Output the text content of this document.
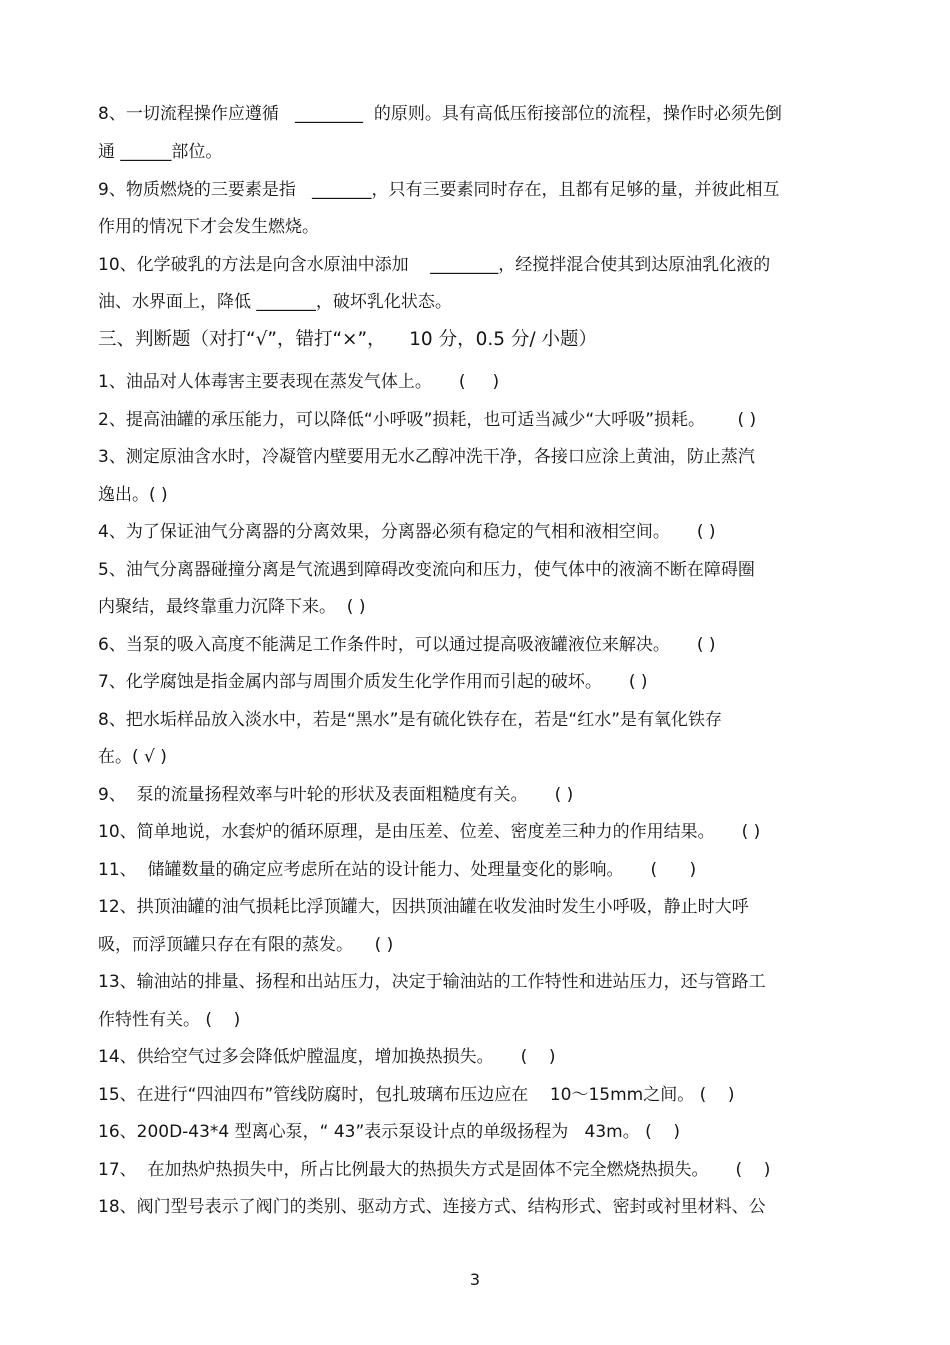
8、一切流程操作应遵循   ________  的原则。具有高低压衔接部位的流程，操作时必须先倒
通 ______部位。
9、物质燃烧的三要素是指   _______，只有三要素同时存在，且都有足够的量，并彼此相互
作用的情况下才会发生燃烧。
10、化学破乳的方法是向含水原油中添加    ________，经搅拌混合使其到达原油乳化液的
油、水界面上，降低 _______，破坏乳化状态。
三、判断题（对打“√”，错打“×”，    10 分，0.5 分/ 小题）
1、油品对人体毒害主要表现在蒸发气体上。     (     )
2、提高油罐的承压能力，可以降低“小呼吸”损耗，也可适当减少“大呼吸”损耗。      ( )
3、测定原油含水时，冷凝管内壁要用无水乙醇冲洗干净，各接口应涂上黄油，防止蒸汽
逸出。( )
4、为了保证油气分离器的分离效果，分离器必须有稳定的气相和液相空间。     ( )
5、油气分离器碰撞分离是气流遇到障碍改变流向和压力，使气体中的液滴不断在障碍圈
内聚结，最终靠重力沉降下来。  ( )
6、当泵的吸入高度不能满足工作条件时，可以通过提高吸液罐液位来解决。     ( )
7、化学腐蚀是指金属内部与周围介质发生化学作用而引起的破坏。     ( )
8、把水垢样品放入淡水中，若是“黑水”是有硫化铁存在，若是“红水”是有氧化铁存
在。( √ )
9、  泵的流量扬程效率与叶轮的形状及表面粗糙度有关。     ( )
10、简单地说，水套炉的循环原理，是由压差、位差、密度差三种力的作用结果。     ( )
11、  储罐数量的确定应考虑所在站的设计能力、处理量变化的影响。     (      )
12、拱顶油罐的油气损耗比浮顶罐大，因拱顶油罐在收发油时发生小呼吸，静止时大呼
吸，而浮顶罐只存在有限的蒸发。    ( )
13、输油站的排量、扬程和出站压力，决定于输油站的工作特性和进站压力，还与管路工
作特性有关。 (    )
14、供给空气过多会降低炉膛温度，增加换热损失。     (    )
15、在进行“四油四布”管线防腐时，包扎玻璃布压边应在    10～15mm之间。 (    )
16、200D-43*4 型离心泵，“ 43”表示泵设计点的单级扬程为   43m。 (    )
17、  在加热炉热损失中，所占比例最大的热损失方式是固体不完全燃烧热损失。     (    )
18、阀门型号表示了阀门的类别、驱动方式、连接方式、结构形式、密封或衬里材料、公
3
